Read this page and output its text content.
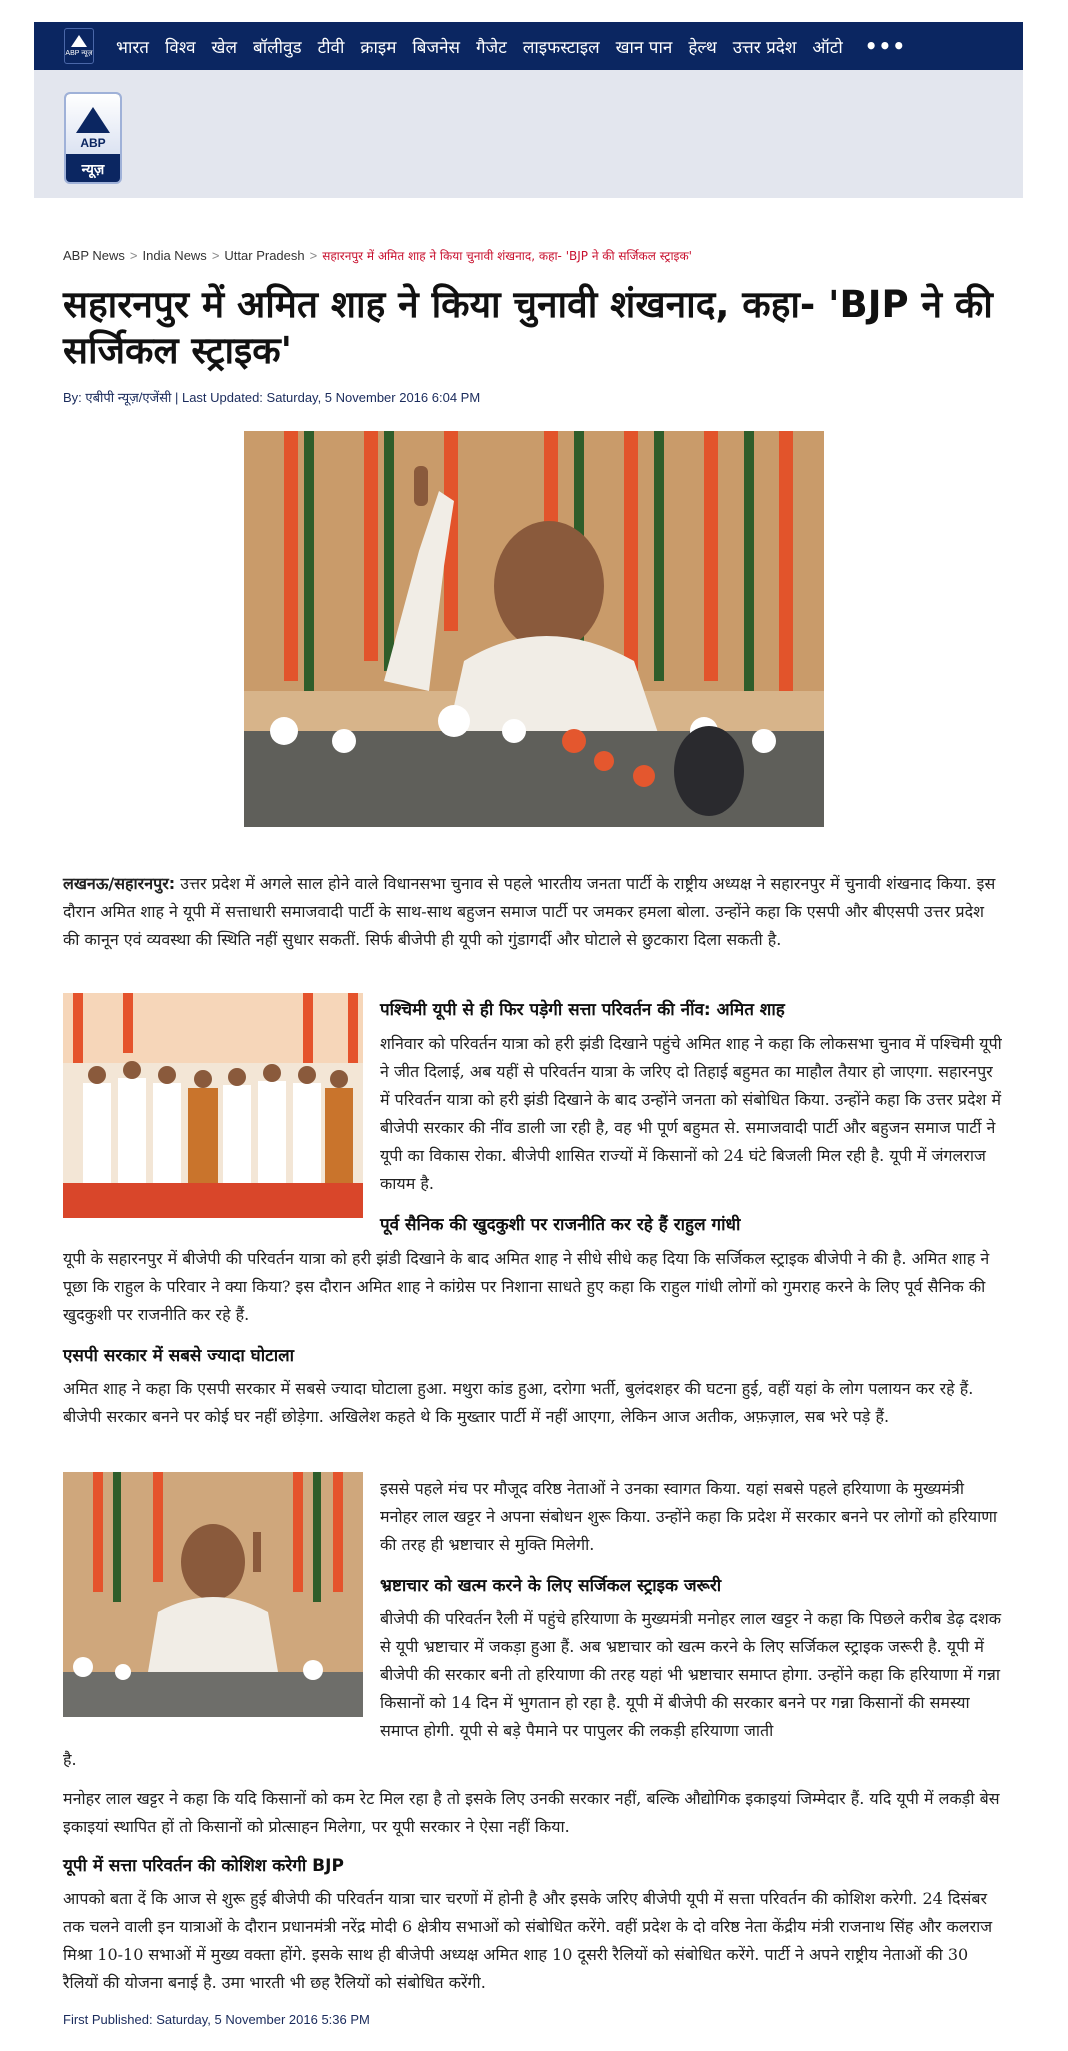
ABP न्यूज़ भारत विश्व खेल बॉलीवुड टीवी क्राइम बिजनेस गैजेट लाइफस्टाइल खान पान हेल्थ उत्तर प्रदेश ऑटो •••
ABP
न्यूज़
ABP News > India News > Uttar Pradesh > सहारनपुर में अमित शाह ने किया चुनावी शंखनाद, कहा- 'BJP ने की सर्जिकल स्ट्राइक'
सहारनपुर में अमित शाह ने किया चुनावी शंखनाद, कहा- 'BJP ने की सर्जिकल स्ट्राइक'
By: एबीपी न्यूज़/एजेंसी | Last Updated: Saturday, 5 November 2016 6:04 PM

लखनऊ/सहारनपुर: उत्तर प्रदेश में अगले साल होने वाले विधानसभा चुनाव से पहले भारतीय जनता पार्टी के राष्ट्रीय अध्यक्ष ने सहारनपुर में चुनावी शंखनाद किया. इस दौरान अमित शाह ने यूपी में सत्ताधारी समाजवादी पार्टी के साथ-साथ बहुजन समाज पार्टी पर जमकर हमला बोला. उन्होंने कहा कि एसपी और बीएसपी उत्तर प्रदेश की कानून एवं व्यवस्था की स्थिति नहीं सुधार सकतीं. सिर्फ बीजेपी ही यूपी को गुंडागर्दी और घोटाले से छुटकारा दिला सकती है.

पश्चिमी यूपी से ही फिर पड़ेगी सत्ता परिवर्तन की नींव: अमित शाह

शनिवार को परिवर्तन यात्रा को हरी झंडी दिखाने पहुंचे अमित शाह ने कहा कि लोकसभा चुनाव में पश्चिमी यूपी ने जीत दिलाई, अब यहीं से परिवर्तन यात्रा के जरिए दो तिहाई बहुमत का माहौल तैयार हो जाएगा. सहारनपुर में परिवर्तन यात्रा को हरी झंडी दिखाने के बाद उन्होंने जनता को संबोधित किया. उन्होंने कहा कि उत्तर प्रदेश में बीजेपी सरकार की नींव डाली जा रही है, वह भी पूर्ण बहुमत से. समाजवादी पार्टी और बहुजन समाज पार्टी ने यूपी का विकास रोका. बीजेपी शासित राज्यों में किसानों को 24 घंटे बिजली मिल रही है. यूपी में जंगलराज कायम है.

पूर्व सैनिक की खुदकुशी पर राजनीति कर रहे हैं राहुल गांधी

यूपी के सहारनपुर में बीजेपी की परिवर्तन यात्रा को हरी झंडी दिखाने के बाद अमित शाह ने सीधे सीधे कह दिया कि सर्जिकल स्ट्राइक बीजेपी ने की है. अमित शाह ने पूछा कि राहुल के परिवार ने क्या किया? इस दौरान अमित शाह ने कांग्रेस पर निशाना साधते हुए कहा कि राहुल गांधी लोगों को गुमराह करने के लिए पूर्व सैनिक की खुदकुशी पर राजनीति कर रहे हैं.

एसपी सरकार में सबसे ज्यादा घोटाला

अमित शाह ने कहा कि एसपी सरकार में सबसे ज्यादा घोटाला हुआ. मथुरा कांड हुआ, दरोगा भर्ती, बुलंदशहर की घटना हुई, वहीं यहां के लोग पलायन कर रहे हैं. बीजेपी सरकार बनने पर कोई घर नहीं छोड़ेगा. अखिलेश कहते थे कि मुख्तार पार्टी में नहीं आएगा, लेकिन आज अतीक, अफ़ज़ाल, सब भरे पड़े हैं.

इससे पहले मंच पर मौजूद वरिष्ठ नेताओं ने उनका स्वागत किया. यहां सबसे पहले हरियाणा के मुख्यमंत्री मनोहर लाल खट्टर ने अपना संबोधन शुरू किया. उन्होंने कहा कि प्रदेश में सरकार बनने पर लोगों को हरियाणा की तरह ही भ्रष्टाचार से मुक्ति मिलेगी.

भ्रष्टाचार को खत्म करने के लिए सर्जिकल स्ट्राइक जरूरी

बीजेपी की परिवर्तन रैली में पहुंचे हरियाणा के मुख्यमंत्री मनोहर लाल खट्टर ने कहा कि पिछले करीब डेढ़ दशक से यूपी भ्रष्टाचार में जकड़ा हुआ हैं. अब भ्रष्टाचार को खत्म करने के लिए सर्जिकल स्ट्राइक जरूरी है. यूपी में बीजेपी की सरकार बनी तो हरियाणा की तरह यहां भी भ्रष्टाचार समाप्त होगा. उन्होंने कहा कि हरियाणा में गन्ना किसानों को 14 दिन में भुगतान हो रहा है. यूपी में बीजेपी की सरकार बनने पर गन्ना किसानों की समस्या समाप्त होगी. यूपी से बड़े पैमाने पर पापुलर की लकड़ी हरियाणा जाती

है.

मनोहर लाल खट्टर ने कहा कि यदि किसानों को कम रेट मिल रहा है तो इसके लिए उनकी सरकार नहीं, बल्कि औद्योगिक इकाइयां जिम्मेदार हैं. यदि यूपी में लकड़ी बेस इकाइयां स्थापित हों तो किसानों को प्रोत्साहन मिलेगा, पर यूपी सरकार ने ऐसा नहीं किया.

यूपी में सत्ता परिवर्तन की कोशिश करेगी BJP

आपको बता दें कि आज से शुरू हुई बीजेपी की परिवर्तन यात्रा चार चरणों में होनी है और इसके जरिए बीजेपी यूपी में सत्ता परिवर्तन की कोशिश करेगी. 24 दिसंबर तक चलने वाली इन यात्राओं के दौरान प्रधानमंत्री नरेंद्र मोदी 6 क्षेत्रीय सभाओं को संबोधित करेंगे. वहीं प्रदेश के दो वरिष्ठ नेता केंद्रीय मंत्री राजनाथ सिंह और कलराज मिश्रा 10-10 सभाओं में मुख्य वक्ता होंगे. इसके साथ ही बीजेपी अध्यक्ष अमित शाह 10 दूसरी रैलियों को संबोधित करेंगे. पार्टी ने अपने राष्ट्रीय नेताओं की 30 रैलियों की योजना बनाई है. उमा भारती भी छह रैलियों को संबोधित करेंगी.

First Published: Saturday, 5 November 2016 5:36 PM
